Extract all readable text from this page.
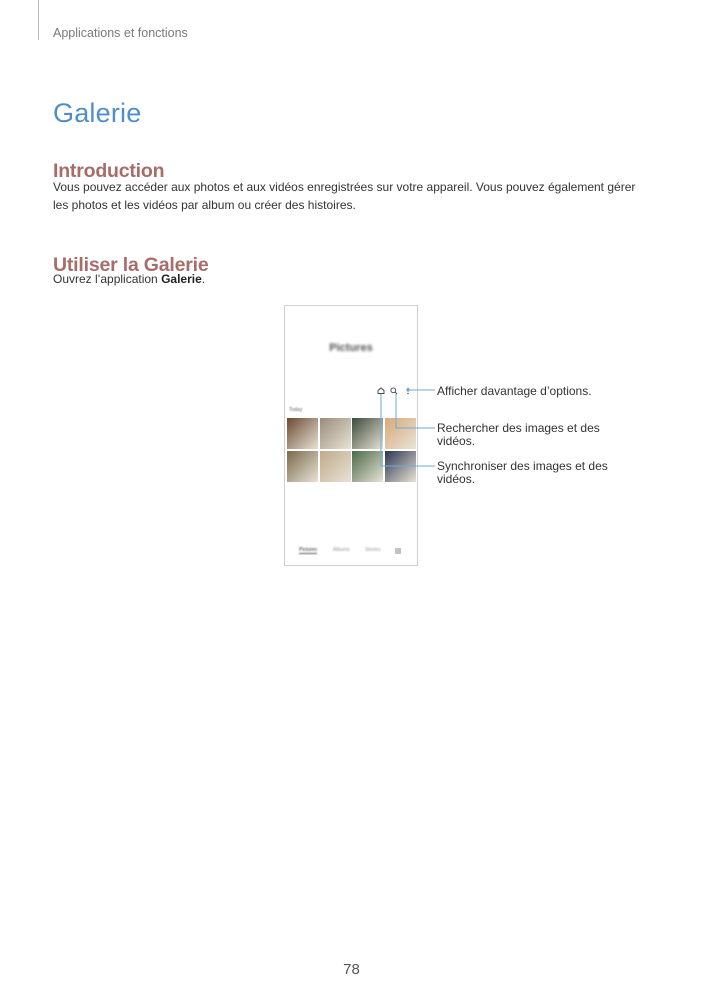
Applications et fonctions
Galerie
Introduction
Vous pouvez accéder aux photos et aux vidéos enregistrées sur votre appareil. Vous pouvez également gérer les photos et les vidéos par album ou créer des histoires.
Utiliser la Galerie
Ouvrez l’application Galerie.
Pictures
Today
Pictures	Albums	Stories
Afficher davantage d’options.
Rechercher des images et des vidéos.
Synchroniser des images et des vidéos.
78
